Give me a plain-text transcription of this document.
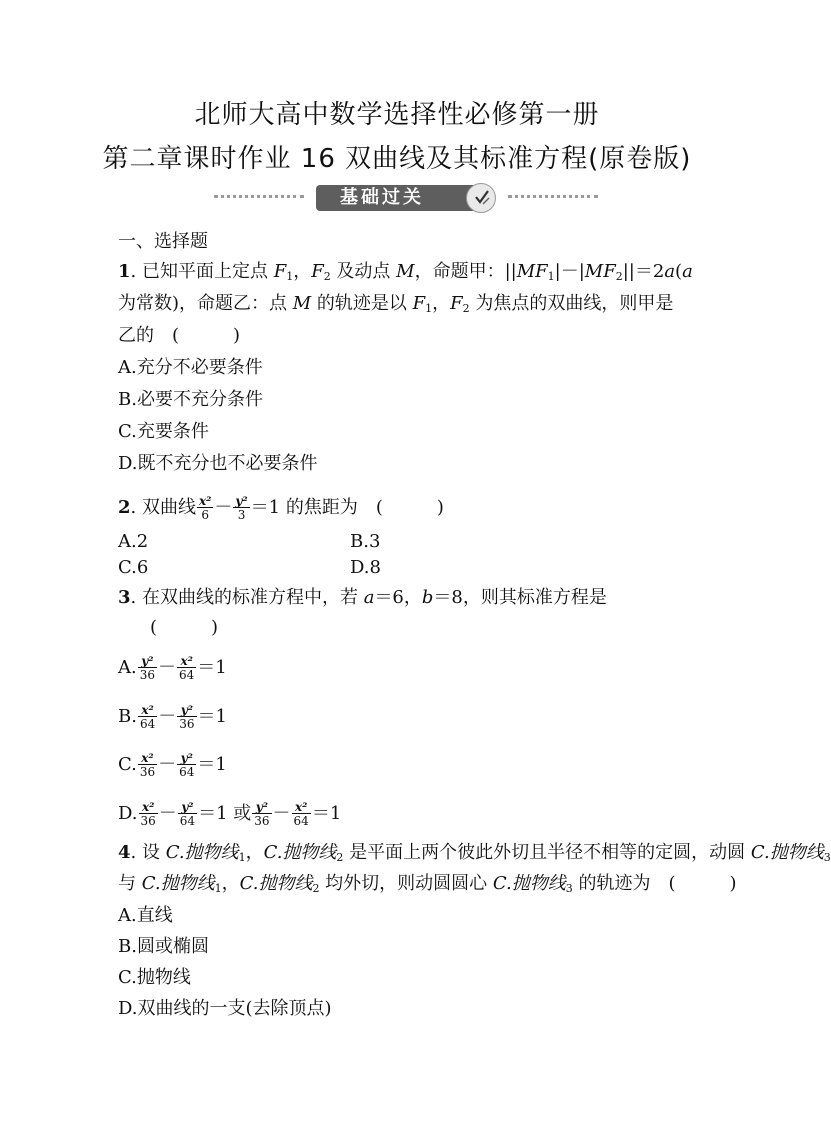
北师大高中数学选择性必修第一册
第二章课时作业 16 双曲线及其标准方程(原卷版)
基础过关
一、选择题
1. 已知平面上定点 $F_1$，$F_2$ 及动点 M，命题甲：$||MF_1|-|MF_2||=2a(a$
为常数)，命题乙：点 M 的轨迹是以 $F_1$，$F_2$ 为焦点的双曲线，则甲是
乙的　(　　　)
A.充分不必要条件
B.必要不充分条件
C.充要条件
D.既不充分也不必要条件
2. 双曲线 $\frac{\text{x²}}{6} - \frac{\text{y²}}{3} =1$ 的焦距为　(　　　)
A.2	B.3
C.6	D.8
3. 在双曲线的标准方程中，若 a＝6，b＝8，则其标准方程是
(　　　)
A. $\frac{\text{y²}}{36} - \frac{\text{x²}}{64} =1$
B. $\frac{\text{x²}}{64} - \frac{\text{y²}}{36} =1$
C. $\frac{\text{x²}}{36} - \frac{\text{y²}}{64} =1$
D. $\frac{\text{x²}}{36} - \frac{\text{y²}}{64} =1$ 或 $\frac{\text{y²}}{36} - \frac{\text{x²}}{64} =1$
4. 设 C.抛物线$_1$，C.抛物线$_2$ 是平面上两个彼此外切且半径不相等的定圆，动圆 C.抛物线$_3$
与 C.抛物线$_1$，C.抛物线$_2$ 均外切，则动圆圆心 C.抛物线$_3$ 的轨迹为　(　　　)
A.直线
B.圆或椭圆
C.抛物线
D.双曲线的一支(去除顶点)
